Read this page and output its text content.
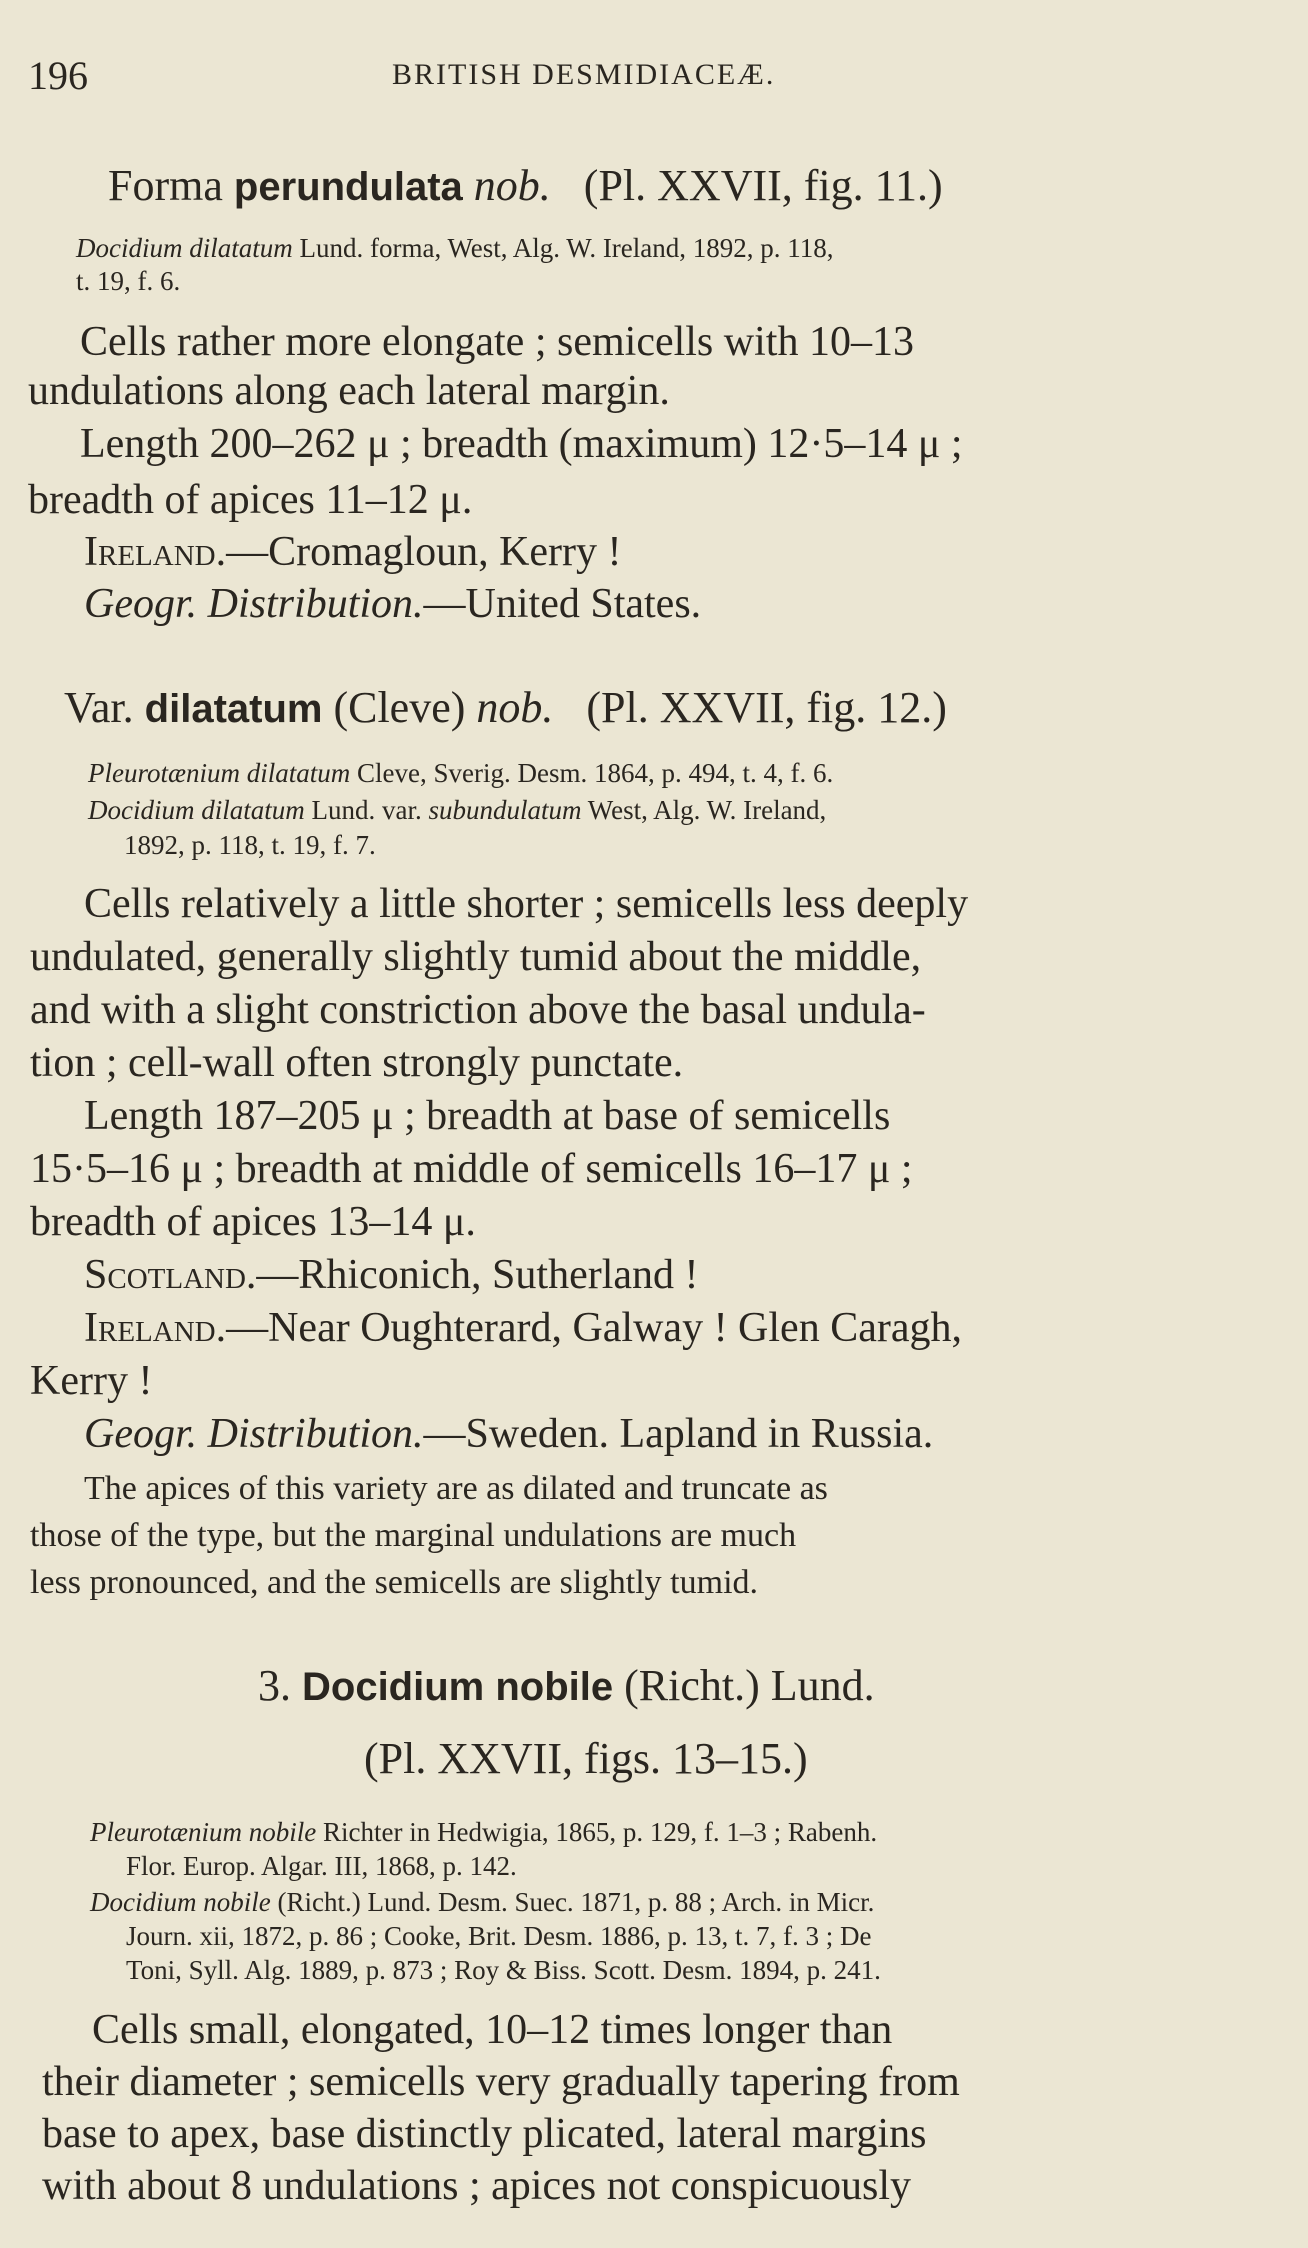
196	BRITISH DESMIDIACEÆ.
Forma perundulata nob. (Pl. XXVII, fig. 11.)
Docidium dilatatum Lund. forma, West, Alg. W. Ireland, 1892, p. 118,
t. 19, f. 6.
Cells rather more elongate ; semicells with 10–13
undulations along each lateral margin.
Length 200–262 μ ; breadth (maximum) 12·5–14 μ ;
breadth of apices 11–12 μ.
Ireland.—Cromagloun, Kerry !
Geogr. Distribution.—United States.
Var. dilatatum (Cleve) nob. (Pl. XXVII, fig. 12.)
Pleurotænium dilatatum Cleve, Sverig. Desm. 1864, p. 494, t. 4, f. 6.
Docidium dilatatum Lund. var. subundulatum West, Alg. W. Ireland,
1892, p. 118, t. 19, f. 7.
Cells relatively a little shorter ; semicells less deeply
undulated, generally slightly tumid about the middle,
and with a slight constriction above the basal undula-
tion ; cell-wall often strongly punctate.
Length 187–205 μ ; breadth at base of semicells
15·5–16 μ ; breadth at middle of semicells 16–17 μ ;
breadth of apices 13–14 μ.
Scotland.—Rhiconich, Sutherland !
Ireland.—Near Oughterard, Galway ! Glen Caragh,
Kerry !
Geogr. Distribution.—Sweden. Lapland in Russia.
The apices of this variety are as dilated and truncate as
those of the type, but the marginal undulations are much
less pronounced, and the semicells are slightly tumid.
3. Docidium nobile (Richt.) Lund.
(Pl. XXVII, figs. 13–15.)
Pleurotænium nobile Richter in Hedwigia, 1865, p. 129, f. 1–3 ; Rabenh.
Flor. Europ. Algar. III, 1868, p. 142.
Docidium nobile (Richt.) Lund. Desm. Suec. 1871, p. 88 ; Arch. in Micr.
Journ. xii, 1872, p. 86 ; Cooke, Brit. Desm. 1886, p. 13, t. 7, f. 3 ; De
Toni, Syll. Alg. 1889, p. 873 ; Roy & Biss. Scott. Desm. 1894, p. 241.
Cells small, elongated, 10–12 times longer than
their diameter ; semicells very gradually tapering from
base to apex, base distinctly plicated, lateral margins
with about 8 undulations ; apices not conspicuously
